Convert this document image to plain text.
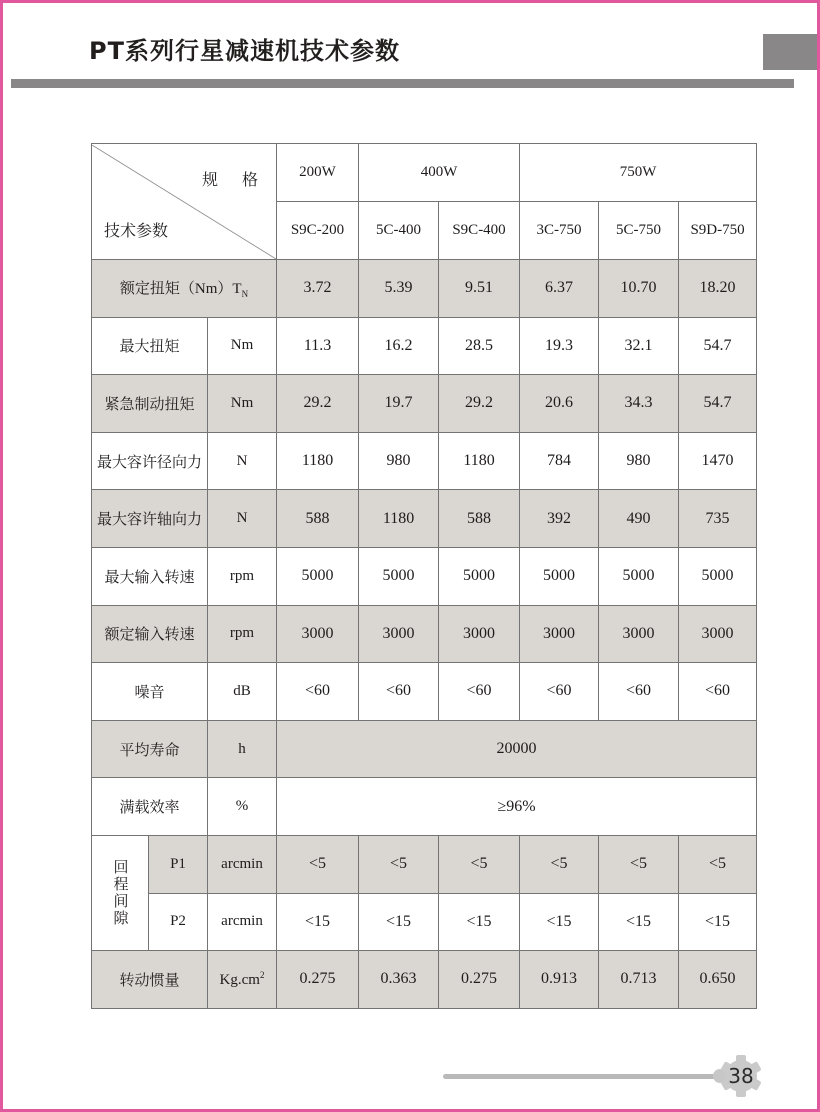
PT系列行星减速机技术参数
规 格
技术参数			200W	400W		750W		
			S9C-200	5C-400	S9C-400	3C-750	5C-750	S9D-750
额定扭矩$(Nm)T_N$			3.72	5.39	9.51	6.37	10.70	18.20
最大扭矩		Nm	11.3	16.2	28.5	19.3	32.1	54.7
紧急制动扭矩		Nm	29.2	19.7	29.2	20.6	34.3	54.7
最大容许径向力		N	1180	980	1180	784	980	1470
最大容许轴向力		N	588	1180	588	392	490	735
最大输入转速		rpm	5000	5000	5000	5000	5000	5000
额定输入转速		rpm	3000	3000	3000	3000	3000	3000
噪音		dB	<60	<60	<60	<60	<60	<60
平均寿命		h	20000					
满载效率		%	≥96%					
回程间隙	P1	arcmin	<5	<5	<5	<5	<5	<5
	P2	arcmin	<15	<15	<15	<15	<15	<15
转动惯量		$Kg.cm^2$	0.275	0.363	0.275	0.913	0.713	0.650
38
